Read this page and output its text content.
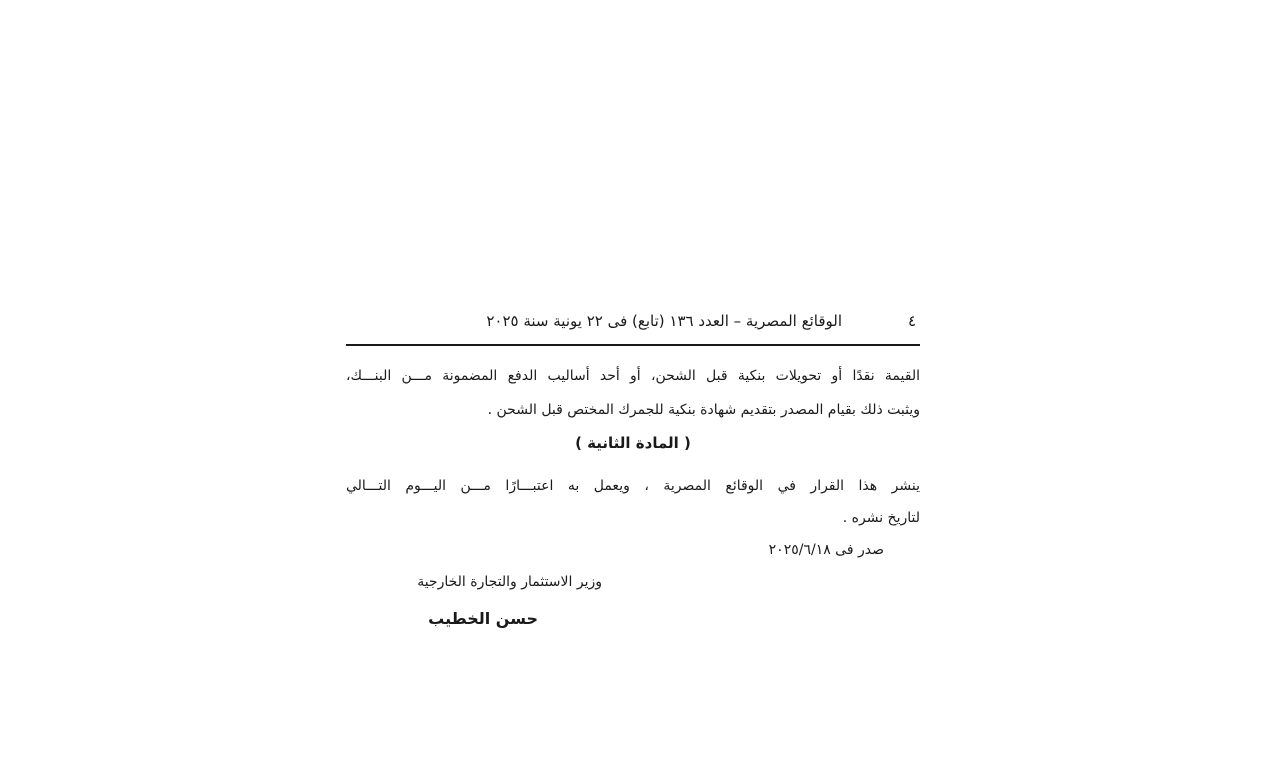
٤
الوقائع المصرية – العدد ١٣٦ (تابع) فى ٢٢ يونية سنة ٢٠٢٥
القيمة نقدًا أو تحويلات بنكية قبل الشحن، أو أحد أساليب الدفع المضمونة مـــن البنـــك،
ويثبت ذلك بقيام المصدر بتقديم شهادة بنكية للجمرك المختص قبل الشحن .
( المادة الثانية )
ينشر هذا القرار في الوقائع المصرية ، ويعمل به اعتبـــارًا مـــن اليـــوم التـــالي
لتاريخ نشره .
صدر فى ٢٠٢٥/٦/١٨
وزير الاستثمار والتجارة الخارجية
حسن الخطيب
